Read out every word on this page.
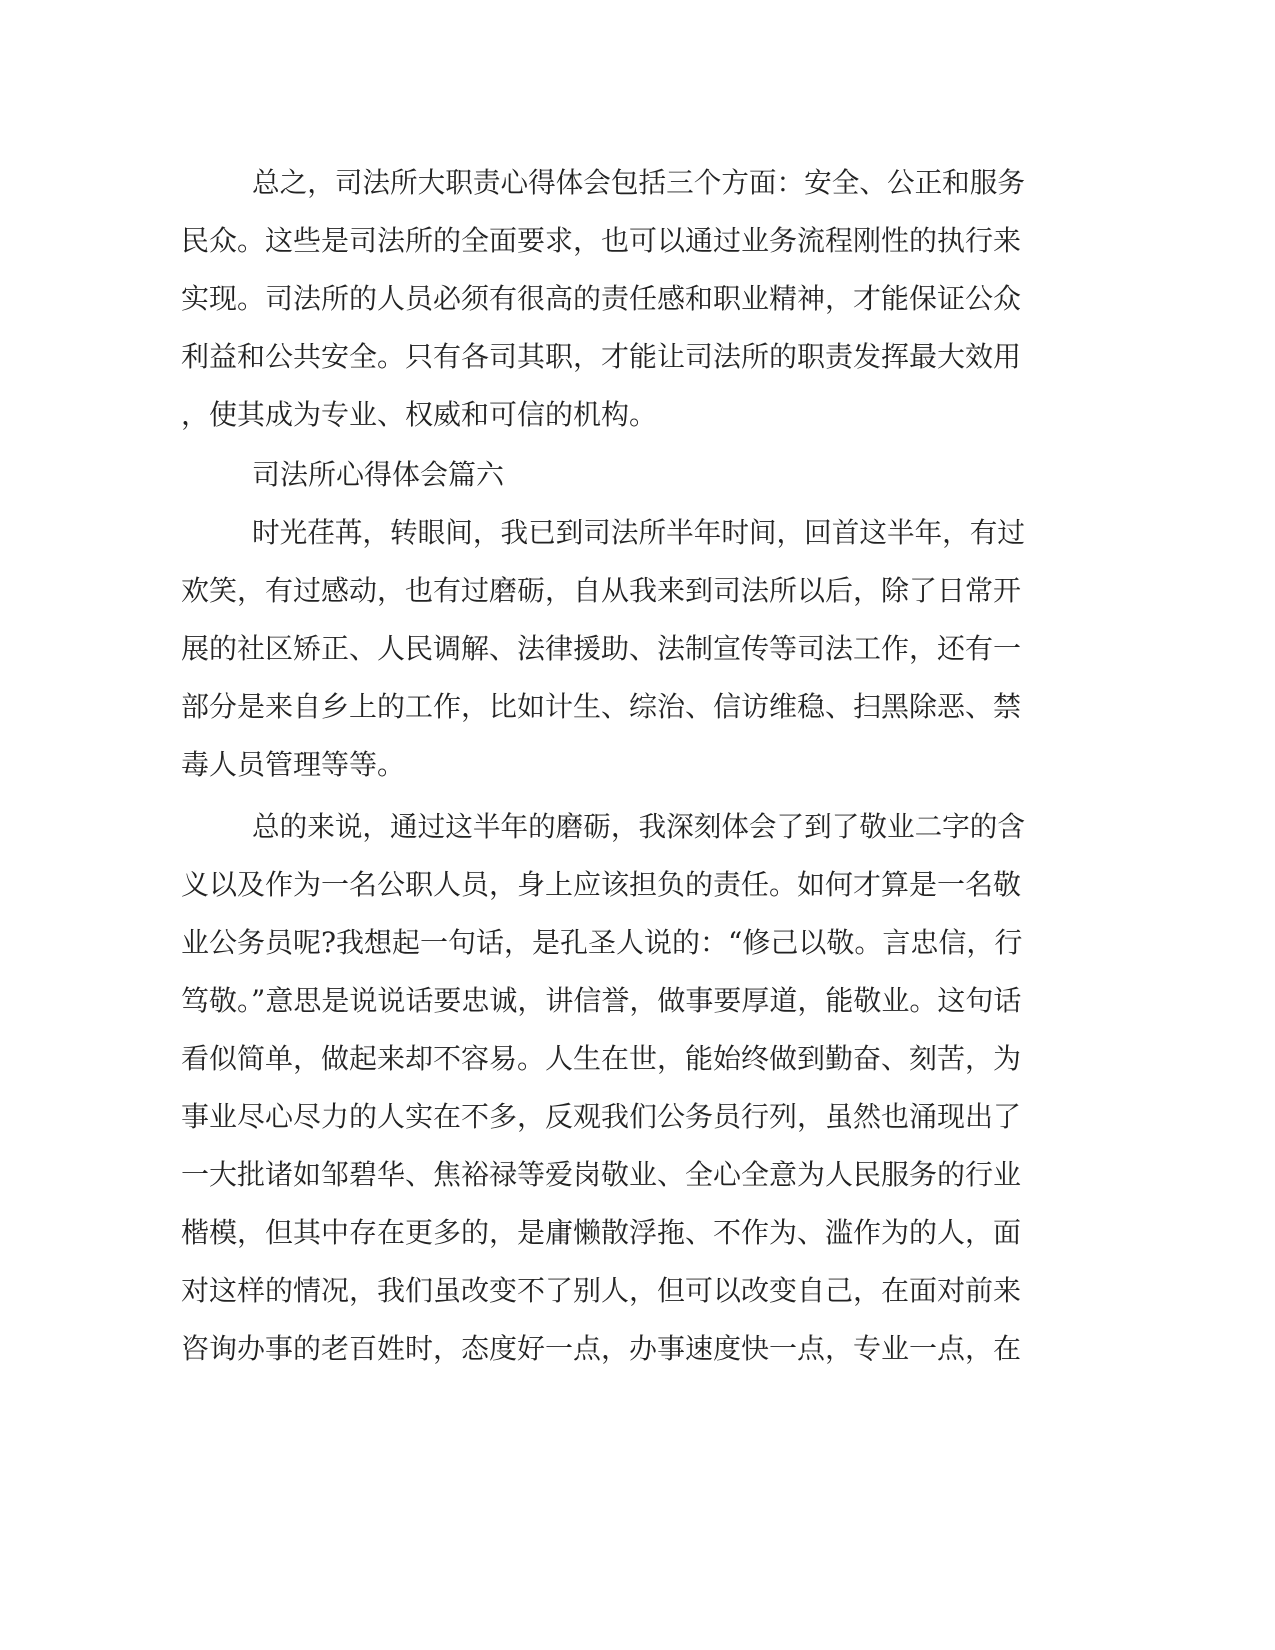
总之，司法所大职责心得体会包括三个方面：安全、公正和服务
民众。这些是司法所的全面要求，也可以通过业务流程刚性的执行来
实现。司法所的人员必须有很高的责任感和职业精神，才能保证公众
利益和公共安全。只有各司其职，才能让司法所的职责发挥最大效用
，使其成为专业、权威和可信的机构。
司法所心得体会篇六
时光荏苒，转眼间，我已到司法所半年时间，回首这半年，有过
欢笑，有过感动，也有过磨砺，自从我来到司法所以后，除了日常开
展的社区矫正、人民调解、法律援助、法制宣传等司法工作，还有一
部分是来自乡上的工作，比如计生、综治、信访维稳、扫黑除恶、禁
毒人员管理等等。
总的来说，通过这半年的磨砺，我深刻体会了到了敬业二字的含
义以及作为一名公职人员，身上应该担负的责任。如何才算是一名敬
业公务员呢?我想起一句话，是孔圣人说的：“修己以敬。言忠信，行
笃敬。”意思是说说话要忠诚，讲信誉，做事要厚道，能敬业。这句话
看似简单，做起来却不容易。人生在世，能始终做到勤奋、刻苦，为
事业尽心尽力的人实在不多，反观我们公务员行列，虽然也涌现出了
一大批诸如邹碧华、焦裕禄等爱岗敬业、全心全意为人民服务的行业
楷模，但其中存在更多的，是庸懒散浮拖、不作为、滥作为的人，面
对这样的情况，我们虽改变不了别人，但可以改变自己，在面对前来
咨询办事的老百姓时，态度好一点，办事速度快一点，专业一点，在
